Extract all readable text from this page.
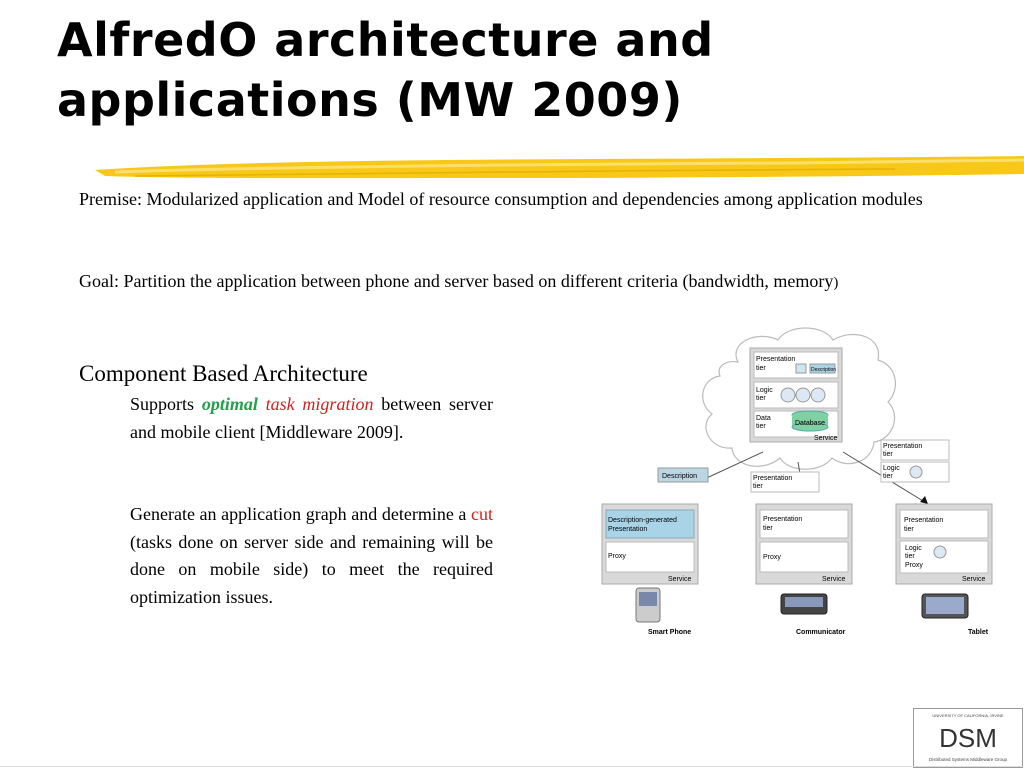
AlfredO architecture and
applications (MW 2009)
Premise: Modularized application and Model of resource consumption and dependencies among application modules
Goal: Partition the application between phone and server based on different criteria (bandwidth, memory)
Component Based Architecture
Supports optimal task migration between server and mobile client [Middleware 2009].
Generate an application graph and determine a cut (tasks done on server side and remaining will be done on mobile side) to meet the required optimization issues.
Presentation
tier	Description
Logic
tier
Data
tier	Database
Service
Description	Presentation
tier
Presentation
tier
Logic
tier
Description-generated
Presentation
Proxy
Service
Smart Phone
Presentation
tier
Proxy
Service
Communicator
Presentation
tier
Logic
tier
Proxy
Service
Tablet
UNIVERSITY OF CALIFORNIA, IRVINE
DSM
Distributed Systems Middleware Group
